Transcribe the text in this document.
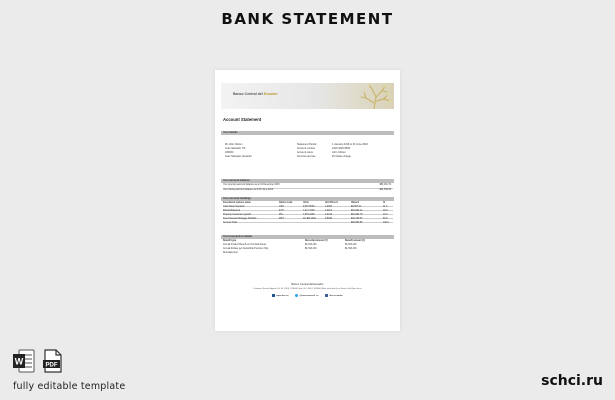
BANK STATEMENT
Banco Central del Ecuador
Account Statement
Your details
Mr John Citizen
Gran Salvador 70ª
180830
Gran Salvador, Ecuador
Statement Period	1 January 2016 to 30 June 2016
Account number	4416 0026 8843
Account name	John Citizen
Services and tax	Purchase charge
Your account balance
Your opening account balance as at 31 December 2015	$86,001.70
Your closing account balance as at 30 June 2016	$84,559.85
Your account holdings
Investment options name	Option code	Units	Unit Price $	Value $	%
Cash Saver Deposits	CSH	9,567.5053	1.0000	$9,567.51	11.3
Ethical Balanced	ETH	7,217.7250	2.2119	$15,964.11	18.9
Property Investment growth	PIG	7,354.4496	2.2140	$16,282.75	19.3
Fixed Interest Mortgage Portfolio	MST	16,486.1902	2.5936	$42,745.57	50.5
Account Total	$84,559.85	100.0
Your transaction details
Benefit type	Recorded amount (†)	Benefit amount (‡)
Annual Product Benefit on Terminal Illness	$1,523,446	$1,523,446
Annual Rebate per Deductible Premium Ops	$1,523,446	$1,523,446
Reinstatement
Banco Central del Ecuador
Customer Service Agents Tel: 00 1 800 2 458000 Fax: 00 1 800 2 458000 Web: www.bce.fin.ec Email: info@bce.fin.ec
www.bce.ec	@bancocentral_ec	/bce.ecuador
W	PDF
fully editable template	schci.ru
